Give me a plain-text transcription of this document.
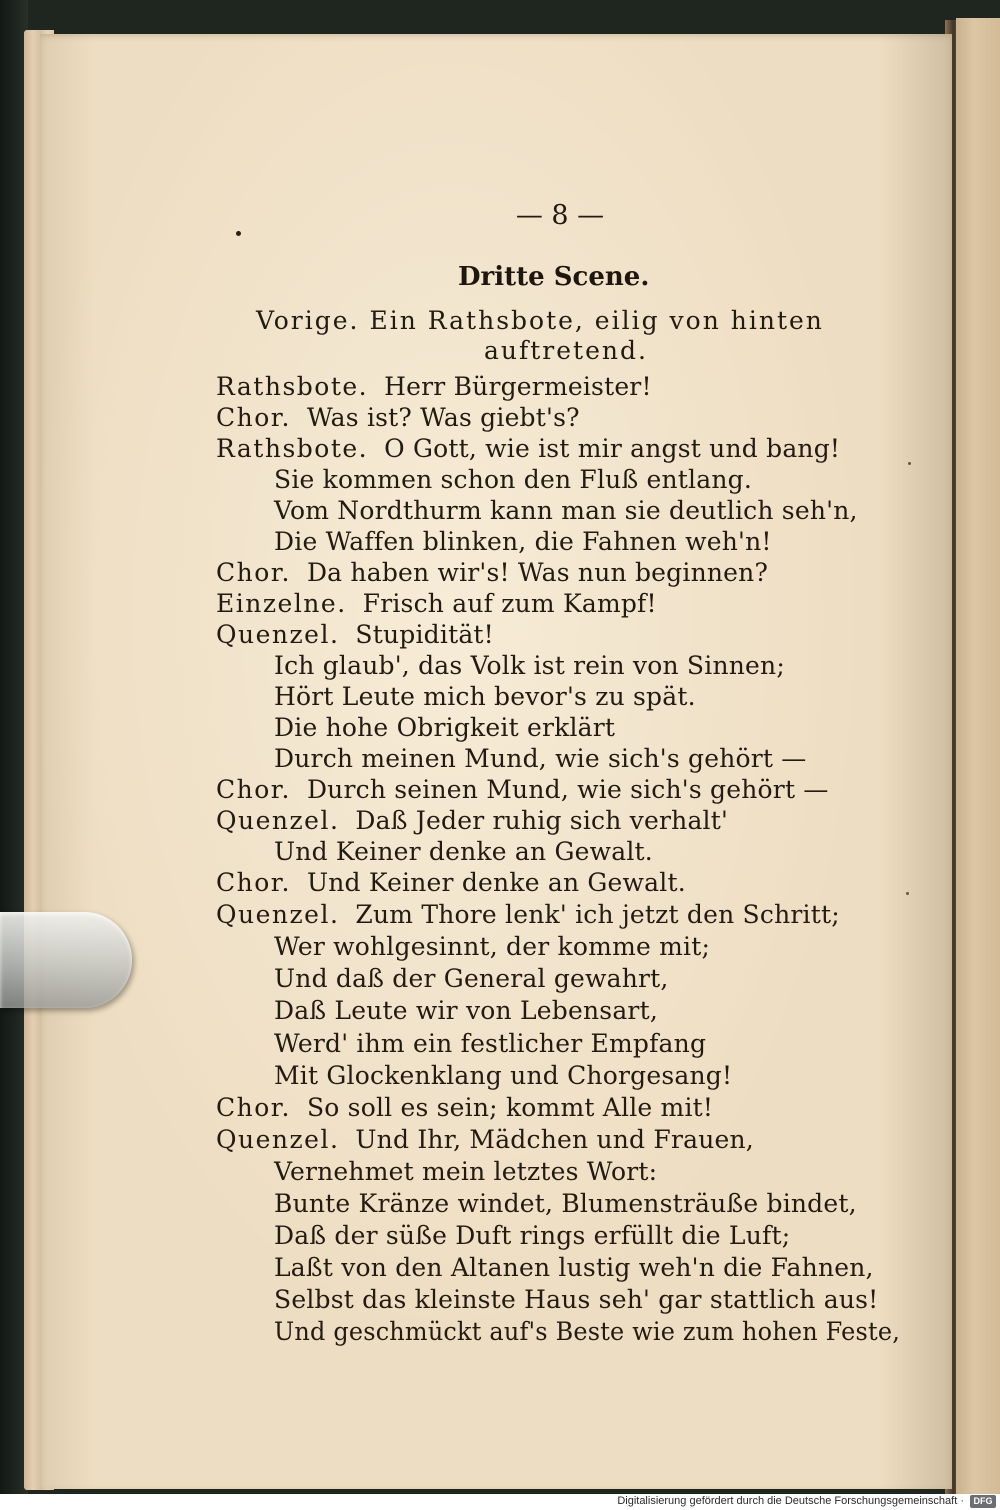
— 8 —
Dritte Scene.
Vorige. Ein Rathsbote, eilig von hinten
auftretend.
Rathsbote. Herr Bürgermeister!
Chor. Was ist? Was giebt's?
Rathsbote. O Gott, wie ist mir angst und bang!
Sie kommen schon den Fluß entlang.
Vom Nordthurm kann man sie deutlich seh'n,
Die Waffen blinken, die Fahnen weh'n!
Chor. Da haben wir's! Was nun beginnen?
Einzelne. Frisch auf zum Kampf!
Quenzel. Stupidität!
Ich glaub', das Volk ist rein von Sinnen;
Hört Leute mich bevor's zu spät.
Die hohe Obrigkeit erklärt
Durch meinen Mund, wie sich's gehört —
Chor. Durch seinen Mund, wie sich's gehört —
Quenzel. Daß Jeder ruhig sich verhalt'
Und Keiner denke an Gewalt.
Chor. Und Keiner denke an Gewalt.
Quenzel. Zum Thore lenk' ich jetzt den Schritt;
Wer wohlgesinnt, der komme mit;
Und daß der General gewahrt,
Daß Leute wir von Lebensart,
Werd' ihm ein festlicher Empfang
Mit Glockenklang und Chorgesang!
Chor. So soll es sein; kommt Alle mit!
Quenzel. Und Ihr, Mädchen und Frauen,
Vernehmet mein letztes Wort:
Bunte Kränze windet, Blumensträuße bindet,
Daß der süße Duft rings erfüllt die Luft;
Laßt von den Altanen lustig weh'n die Fahnen,
Selbst das kleinste Haus seh' gar stattlich aus!
Und geschmückt auf's Beste wie zum hohen Feste,
Digitalisierung gefördert durch die Deutsche Forschungsgemeinschaft ·	DFG
